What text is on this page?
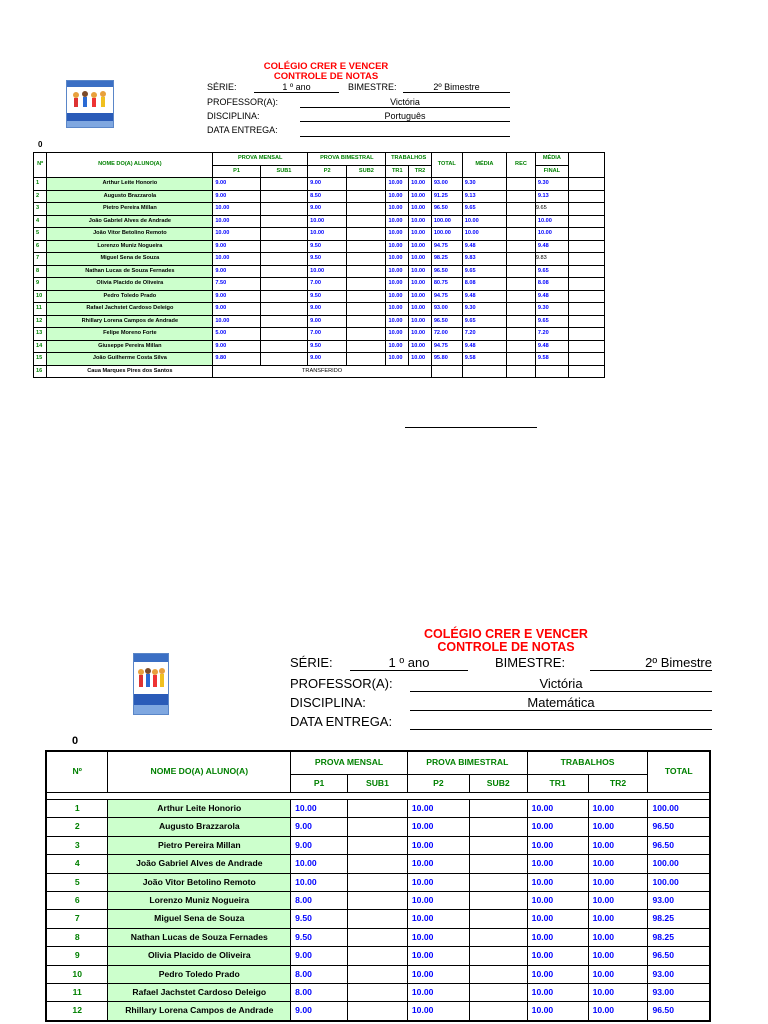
COLÉGIO CRER E VENCER

CONTROLE DE NOTAS

SÉRIE:	1 º ano	BIMESTRE:	2º Bimestre

PROFESSOR(A):	Victória

DISCIPLINA:	Português

DATA ENTREGA:

0

Nº	NOME DO(A) ALUNO(A)	PROVA MENSAL		PROVA BIMESTRAL		TRABALHOS		TOTAL	MÉDIA	REC	MÉDIA	
		P1	SUB1	P2	SUB2	TR1	TR2				FINAL	
1	Arthur Leite Honorio	9.00		9.00		10.00	10.00	93.00	9.30		9.30	
2	Augusto Brazzarola	9.00		8.50		10.00	10.00	91.25	9.13		9.13	
3	Pietro Pereira Millan	10.00		9.00		10.00	10.00	96.50	9.65		9.65	
4	João Gabriel Alves de Andrade	10.00		10.00		10.00	10.00	100.00	10.00		10.00	
5	João Vitor Betolino Remoto	10.00		10.00		10.00	10.00	100.00	10.00		10.00	
6	Lorenzo Muniz Nogueira	9.00		9.50		10.00	10.00	94.75	9.48		9.48	
7	Miguel Sena de Souza	10.00		9.50		10.00	10.00	98.25	9.83		9.83	
8	Nathan Lucas de Souza Fernades	9.00		10.00		10.00	10.00	96.50	9.65		9.65	
9	Olivia Placido de Oliveira	7.50		7.00		10.00	10.00	80.75	8.08		8.08	
10	Pedro Toledo Prado	9.00		9.50		10.00	10.00	94.75	9.48		9.48	
11	Rafael Jachstet Cardoso Deleigo	9.00		9.00		10.00	10.00	93.00	9.30		9.30	
12	Rhillary Lorena Campos de Andrade	10.00		9.00		10.00	10.00	96.50	9.65		9.65	
13	Felipe Moreno Forte	5.00		7.00		10.00	10.00	72.00	7.20		7.20	
14	Giuseppe Pereira Millan	9.00		9.50		10.00	10.00	94.75	9.48		9.48	
15	João Guilherme Costa Silva	9.80		9.00		10.00	10.00	95.80	9.58		9.58	
16	Caua Marques Pires dos Santos	TRANSFERIDO										

COLÉGIO CRER E VENCER

CONTROLE DE NOTAS

SÉRIE:	1 º ano	BIMESTRE:	2º Bimestre

PROFESSOR(A):	Victória

DISCIPLINA:	Matemática

DATA ENTREGA:

0

Nº	NOME DO(A) ALUNO(A)	PROVA MENSAL		PROVA BIMESTRAL		TRABALHOS		TOTAL
		P1	SUB1	P2	SUB2	TR1	TR2	

1	Arthur Leite Honorio	10.00		10.00		10.00	10.00	100.00
2	Augusto Brazzarola	9.00		10.00		10.00	10.00	96.50
3	Pietro Pereira Millan	9.00		10.00		10.00	10.00	96.50
4	João Gabriel Alves de Andrade	10.00		10.00		10.00	10.00	100.00
5	João Vitor Betolino Remoto	10.00		10.00		10.00	10.00	100.00
6	Lorenzo Muniz Nogueira	8.00		10.00		10.00	10.00	93.00
7	Miguel Sena de Souza	9.50		10.00		10.00	10.00	98.25
8	Nathan Lucas de Souza Fernades	9.50		10.00		10.00	10.00	98.25
9	Olivia Placido de Oliveira	9.00		10.00		10.00	10.00	96.50
10	Pedro Toledo Prado	8.00		10.00		10.00	10.00	93.00
11	Rafael Jachstet Cardoso Deleigo	8.00		10.00		10.00	10.00	93.00
12	Rhillary Lorena Campos de Andrade	9.00		10.00		10.00	10.00	96.50
